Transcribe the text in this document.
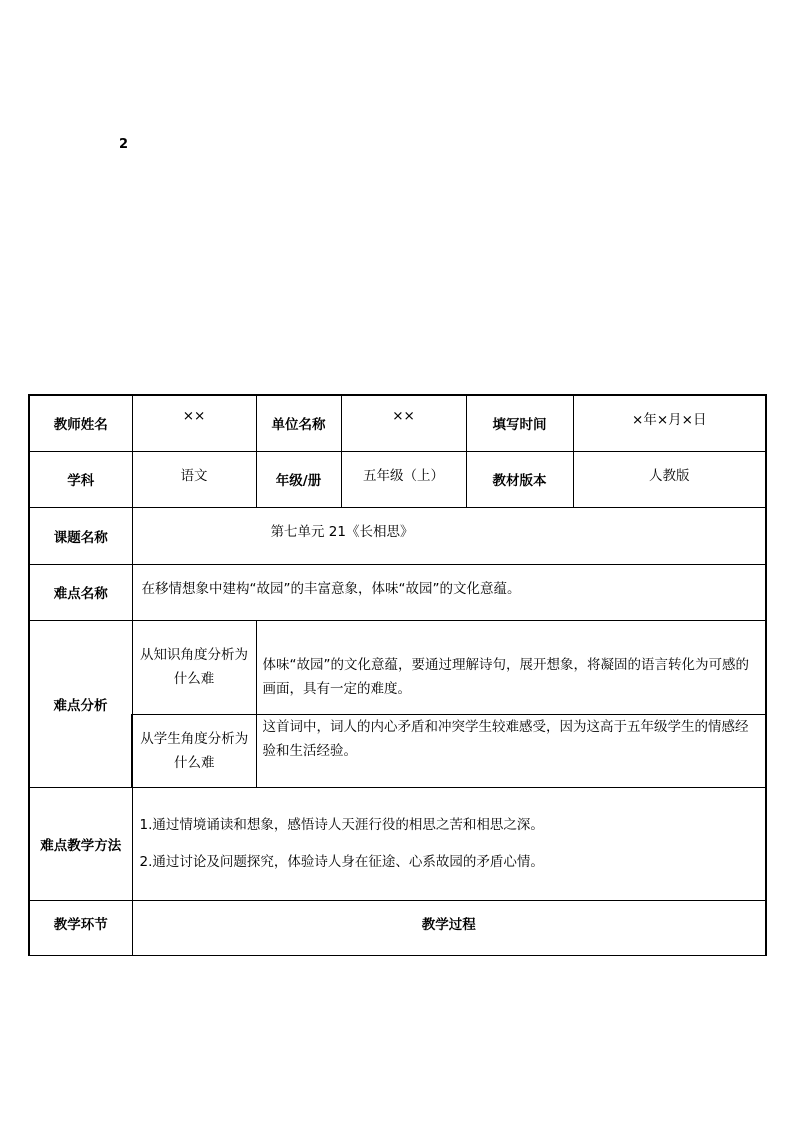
2
教师姓名	××	单位名称	××	填写时间	×年×月×日
学科	语文	年级/册	五年级（上）	教材版本	人教版
课题名称	第七单元 21《长相思》				
难点名称	在移情想象中建构“故园”的丰富意象，体味“故园”的文化意蕴。				
难点分析	从知识角度分析为什么难	体味“故园”的文化意蕴，要通过理解诗句，展开想象，将凝固的语言转化为可感的画面，具有一定的难度。			
	从学生角度分析为什么难	这首词中，词人的内心矛盾和冲突学生较难感受，因为这高于五年级学生的情感经验和生活经验。			
难点教学方法	1.通过情境诵读和想象，感悟诗人天涯行役的相思之苦和相思之深。

2.通过讨论及问题探究，体验诗人身在征途、心系故园的矛盾心情。				

教学环节	教学过程				
